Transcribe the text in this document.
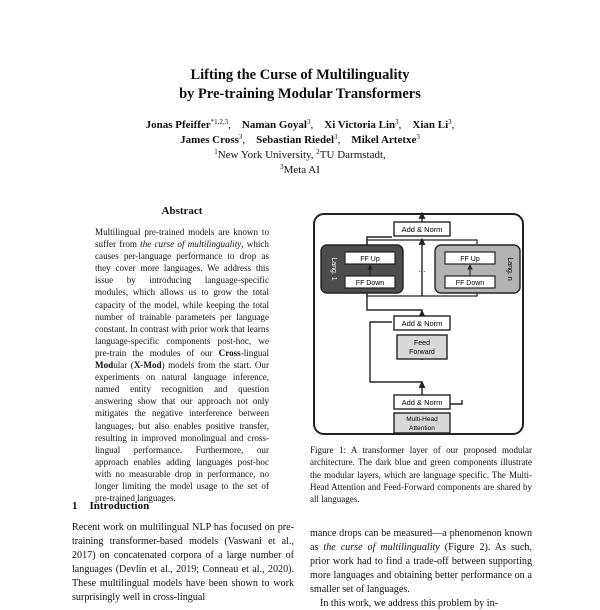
Lifting the Curse of Multilinguality
by Pre-training Modular Transformers
Jonas Pfeiffer$^{*1,2,3}$,    Naman Goyal$^3$,    Xi Victoria Lin$^3$,    Xian Li$^3$,
James Cross$^3$,    Sebastian Riedel$^3$,    Mikel Artetxe$^3$
$^1$New York University, $^2$TU Darmstadt,
$^3$Meta AI
Abstract
Multilingual pre-trained models are known to suffer from the curse of multilinguality, which causes per-language performance to drop as they cover more languages. We address this issue by introducing language-specific modules, which allows us to grow the total capacity of the model, while keeping the total number of trainable parameters per language constant. In contrast with prior work that learns language-specific components post-hoc, we pre-train the modules of our Cross-lingual Modular (X-Mod) models from the start. Our experiments on natural language inference, named entity recognition and question answering show that our approach not only mitigates the negative interference between languages, but also enables positive transfer, resulting in improved monolingual and cross-lingual performance. Furthermore, our approach enables adding languages post-hoc with no measurable drop in performance, no longer limiting the model usage to the set of pre-trained languages.
1 Introduction
Recent work on multilingual NLP has focused on pre-training transformer-based models (Vaswani et al., 2017) on concatenated corpora of a large number of languages (Devlin et al., 2019; Conneau et al., 2020). These multilingual models have been shown to work surprisingly well in cross-lingual
Add & Norm
FF Up
FF Down
Lang. 1	...
FF Up
FF Down
Lang. n
Add & Norm
Feed
Forward
Add & Norm
Multi-Head
Attention
Figure 1: A transformer layer of our proposed modular architecture. The dark blue and green components illustrate the modular layers, which are language specific. The Multi-Head Attention and Feed-Forward components are shared by all languages.

mance drops can be measured—a phenomenon known as the curse of multilinguality (Figure 2). As such, prior work had to find a trade-off between supporting more languages and obtaining better performance on a smaller set of languages.

In this work, we address this problem by in-
